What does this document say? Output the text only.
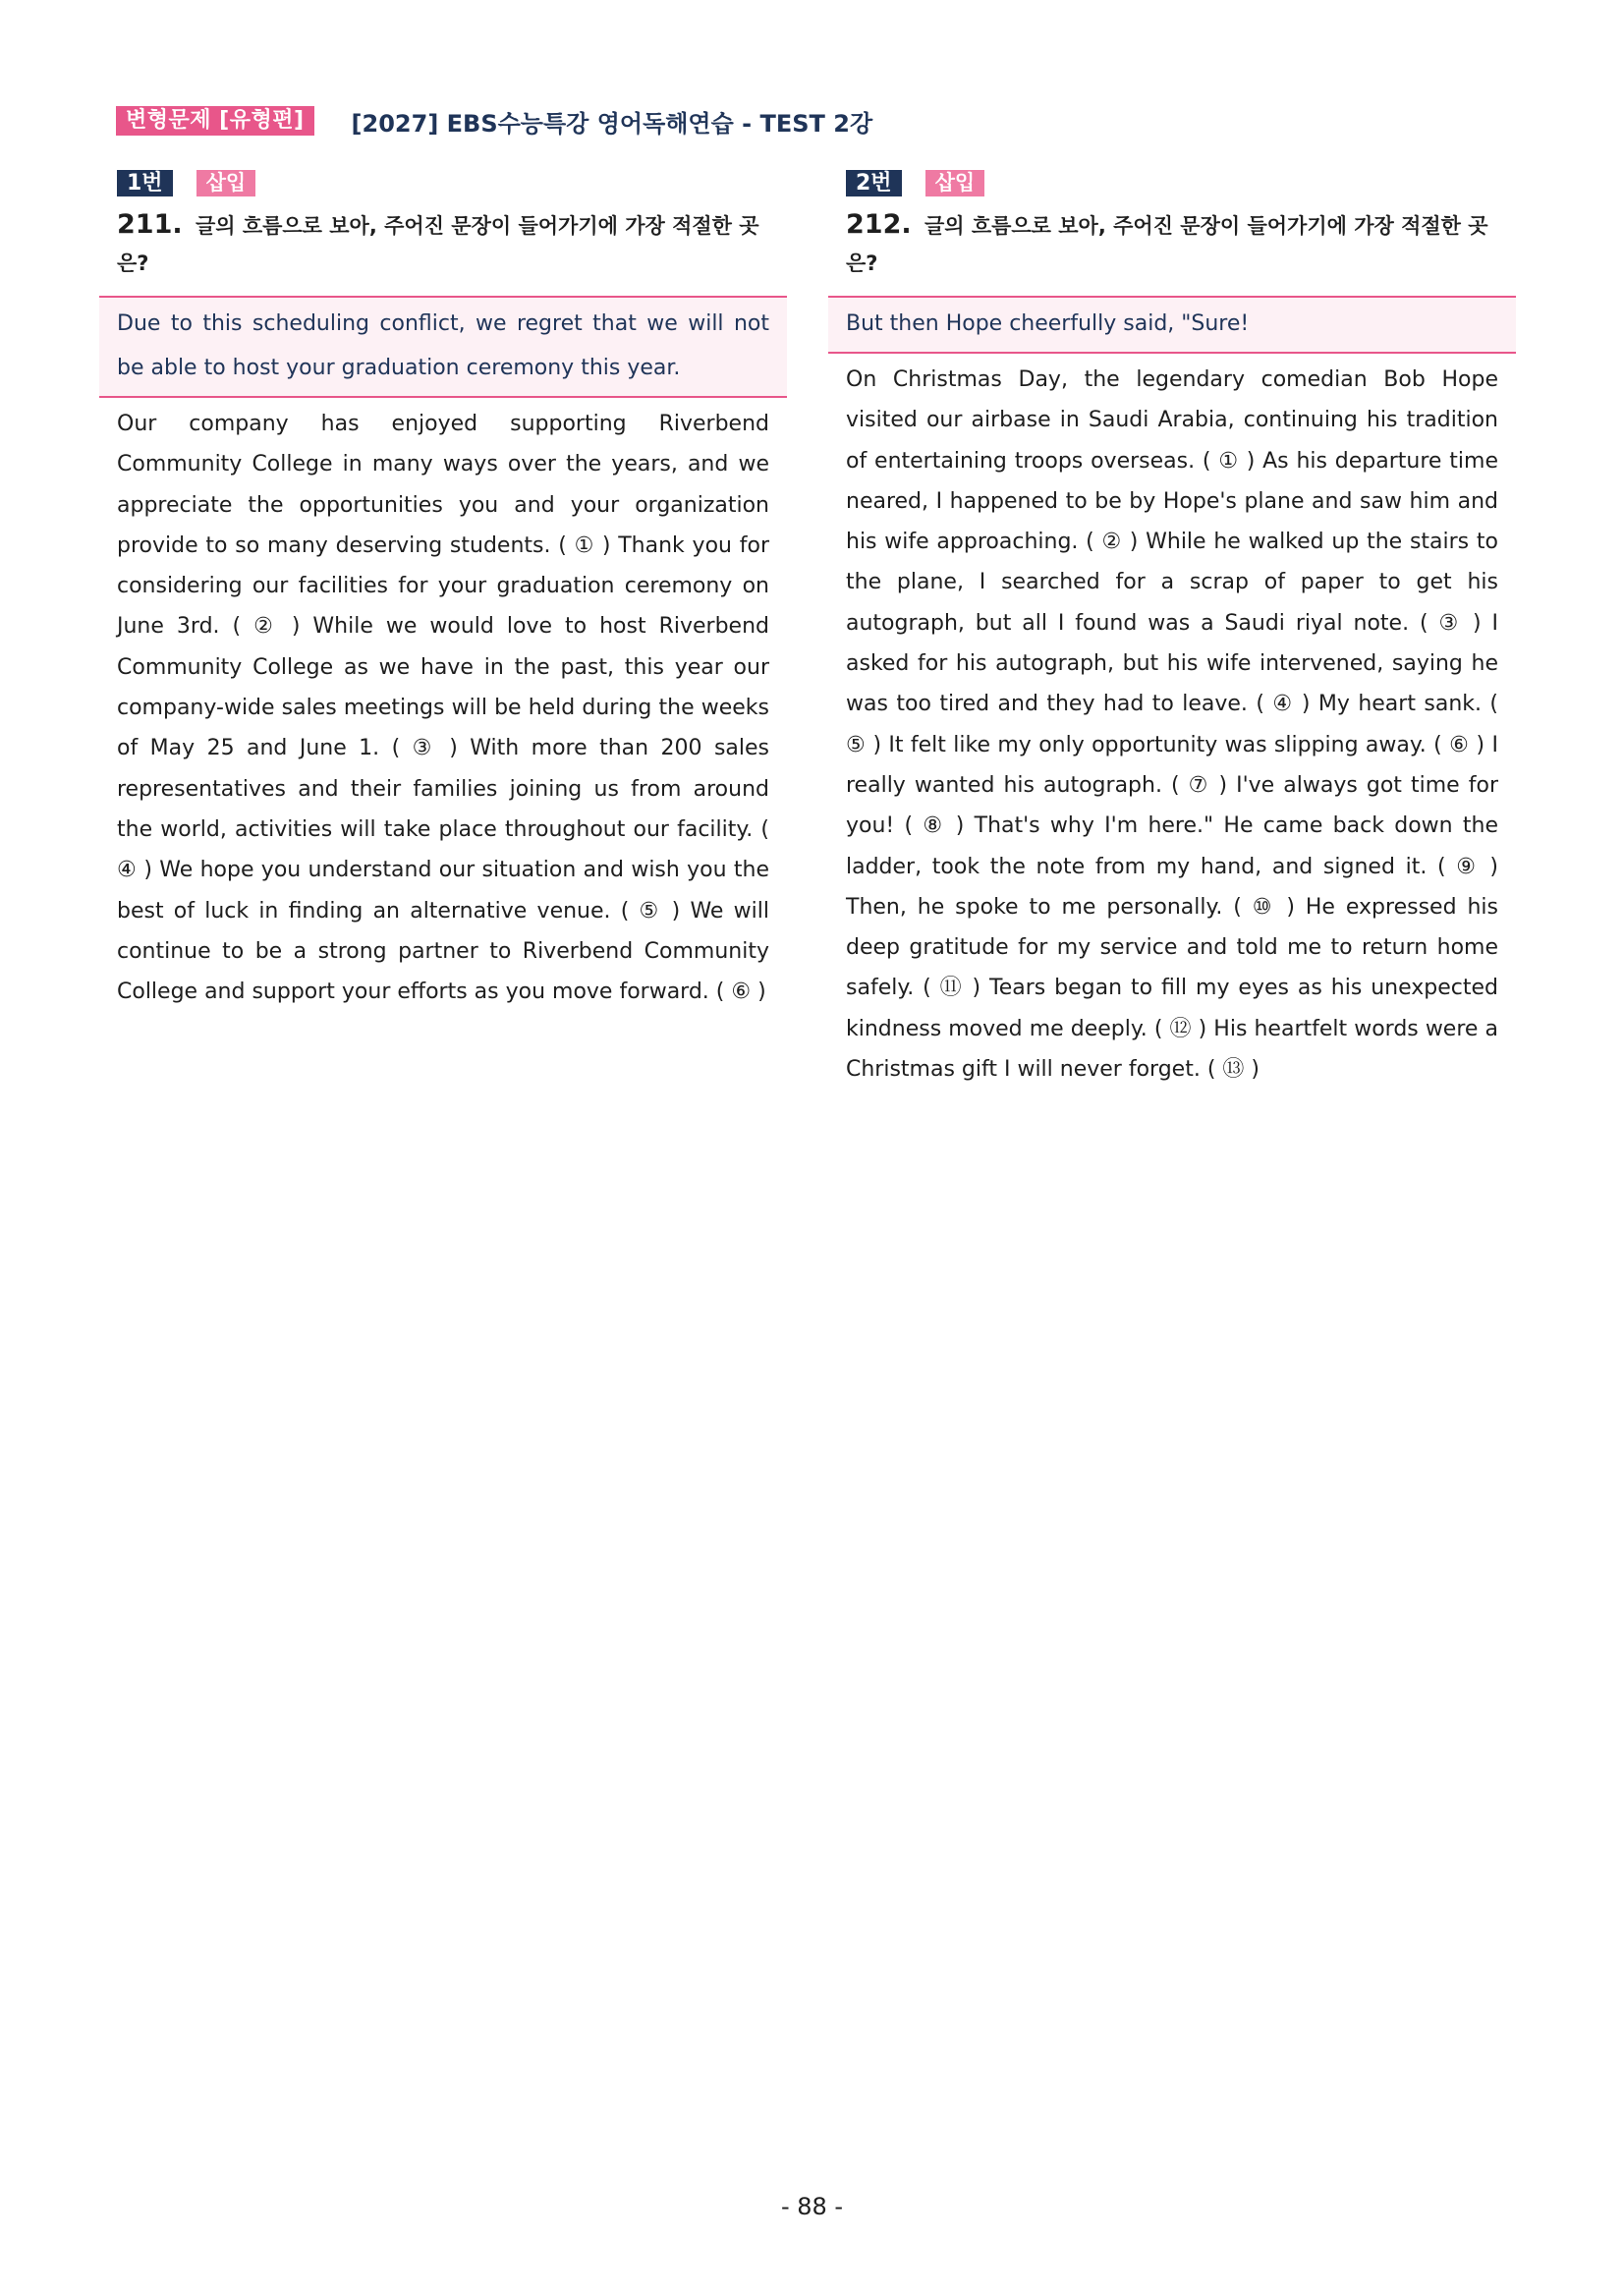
변형문제 [유형편]	[2027] EBS수능특강 영어독해연습 - TEST 2강
1번	삽입
211. 글의 흐름으로 보아, 주어진 문장이 들어가기에 가장 적절한 곳은?
Due to this scheduling conflict, we regret that we will not be able to host your graduation ceremony this year.
Our company has enjoyed supporting Riverbend Community College in many ways over the years, and we appreciate the opportunities you and your organization provide to so many deserving students. ( ① ) Thank you for considering our facilities for your graduation ceremony on June 3rd. ( ② ) While we would love to host Riverbend Community College as we have in the past, this year our company-wide sales meetings will be held during the weeks of May 25 and June 1. ( ③ ) With more than 200 sales representatives and their families joining us from around the world, activities will take place throughout our facility. ( ④ ) We hope you understand our situation and wish you the best of luck in finding an alternative venue. ( ⑤ ) We will continue to be a strong partner to Riverbend Community College and support your efforts as you move forward. ( ⑥ )
2번	삽입
212. 글의 흐름으로 보아, 주어진 문장이 들어가기에 가장 적절한 곳은?
But then Hope cheerfully said, "Sure!
On Christmas Day, the legendary comedian Bob Hope visited our airbase in Saudi Arabia, continuing his tradition of entertaining troops overseas. ( ① ) As his departure time neared, I happened to be by Hope's plane and saw him and his wife approaching. ( ② ) While he walked up the stairs to the plane, I searched for a scrap of paper to get his autograph, but all I found was a Saudi riyal note. ( ③ ) I asked for his autograph, but his wife intervened, saying he was too tired and they had to leave. ( ④ ) My heart sank. ( ⑤ ) It felt like my only opportunity was slipping away. ( ⑥ ) I really wanted his autograph. ( ⑦ ) I've always got time for you! ( ⑧ ) That's why I'm here." He came back down the ladder, took the note from my hand, and signed it. ( ⑨ ) Then, he spoke to me personally. ( ⑩ ) He expressed his deep gratitude for my service and told me to return home safely. ( ⑪ ) Tears began to fill my eyes as his unexpected kindness moved me deeply. ( ⑫ ) His heartfelt words were a Christmas gift I will never forget. ( ⑬ )
- 88 -
